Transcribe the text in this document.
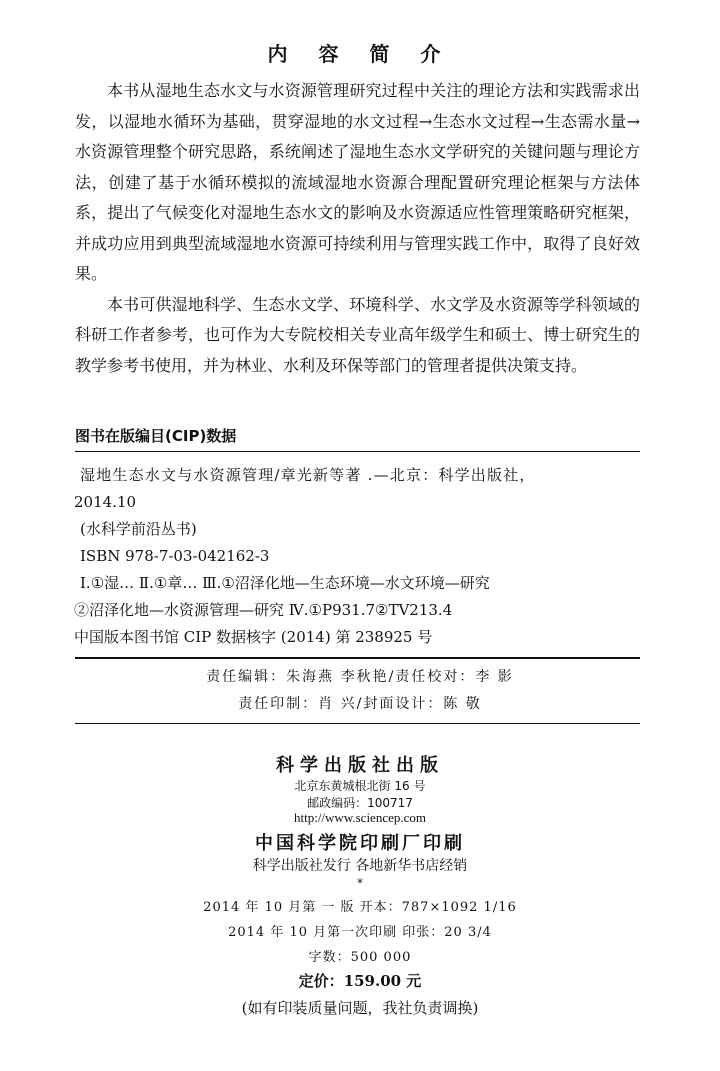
内 容 简 介

本书从湿地生态水文与水资源管理研究过程中关注的理论方法和实践需求出发，以湿地水循环为基础，贯穿湿地的水文过程→生态水文过程→生态需水量→水资源管理整个研究思路，系统阐述了湿地生态水文学研究的关键问题与理论方法，创建了基于水循环模拟的流域湿地水资源合理配置研究理论框架与方法体系，提出了气候变化对湿地生态水文的影响及水资源适应性管理策略研究框架，并成功应用到典型流域湿地水资源可持续利用与管理实践工作中，取得了良好效果。

本书可供湿地科学、生态水文学、环境科学、水文学及水资源等学科领域的科研工作者参考，也可作为大专院校相关专业高年级学生和硕士、博士研究生的教学参考书使用，并为林业、水利及环保等部门的管理者提供决策支持。

图书在版编目(CIP)数据
湿地生态水文与水资源管理/章光新等著 .—北京：科学出版社，
2014.10
(水科学前沿丛书)
ISBN 978-7-03-042162-3
Ⅰ.①湿… Ⅱ.①章… Ⅲ.①沼泽化地—生态环境—水文环境—研究
②沼泽化地—水资源管理—研究 Ⅳ.①P931.7②TV213.4
中国版本图书馆 CIP 数据核字 (2014) 第 238925 号
责任编辑：朱海燕 李秋艳/责任校对：李 影
责任印制：肖 兴/封面设计：陈 敬
科学出版社出版
北京东黄城根北街 16 号
邮政编码：100717
http://www.sciencep.com
中国科学院印刷厂印刷
科学出版社发行 各地新华书店经销
*
2014 年 10 月第 一 版 开本：787×1092 1/16
2014 年 10 月第一次印刷 印张：20 3/4
字数：500 000
定价：159.00 元
(如有印装质量问题，我社负责调换)
